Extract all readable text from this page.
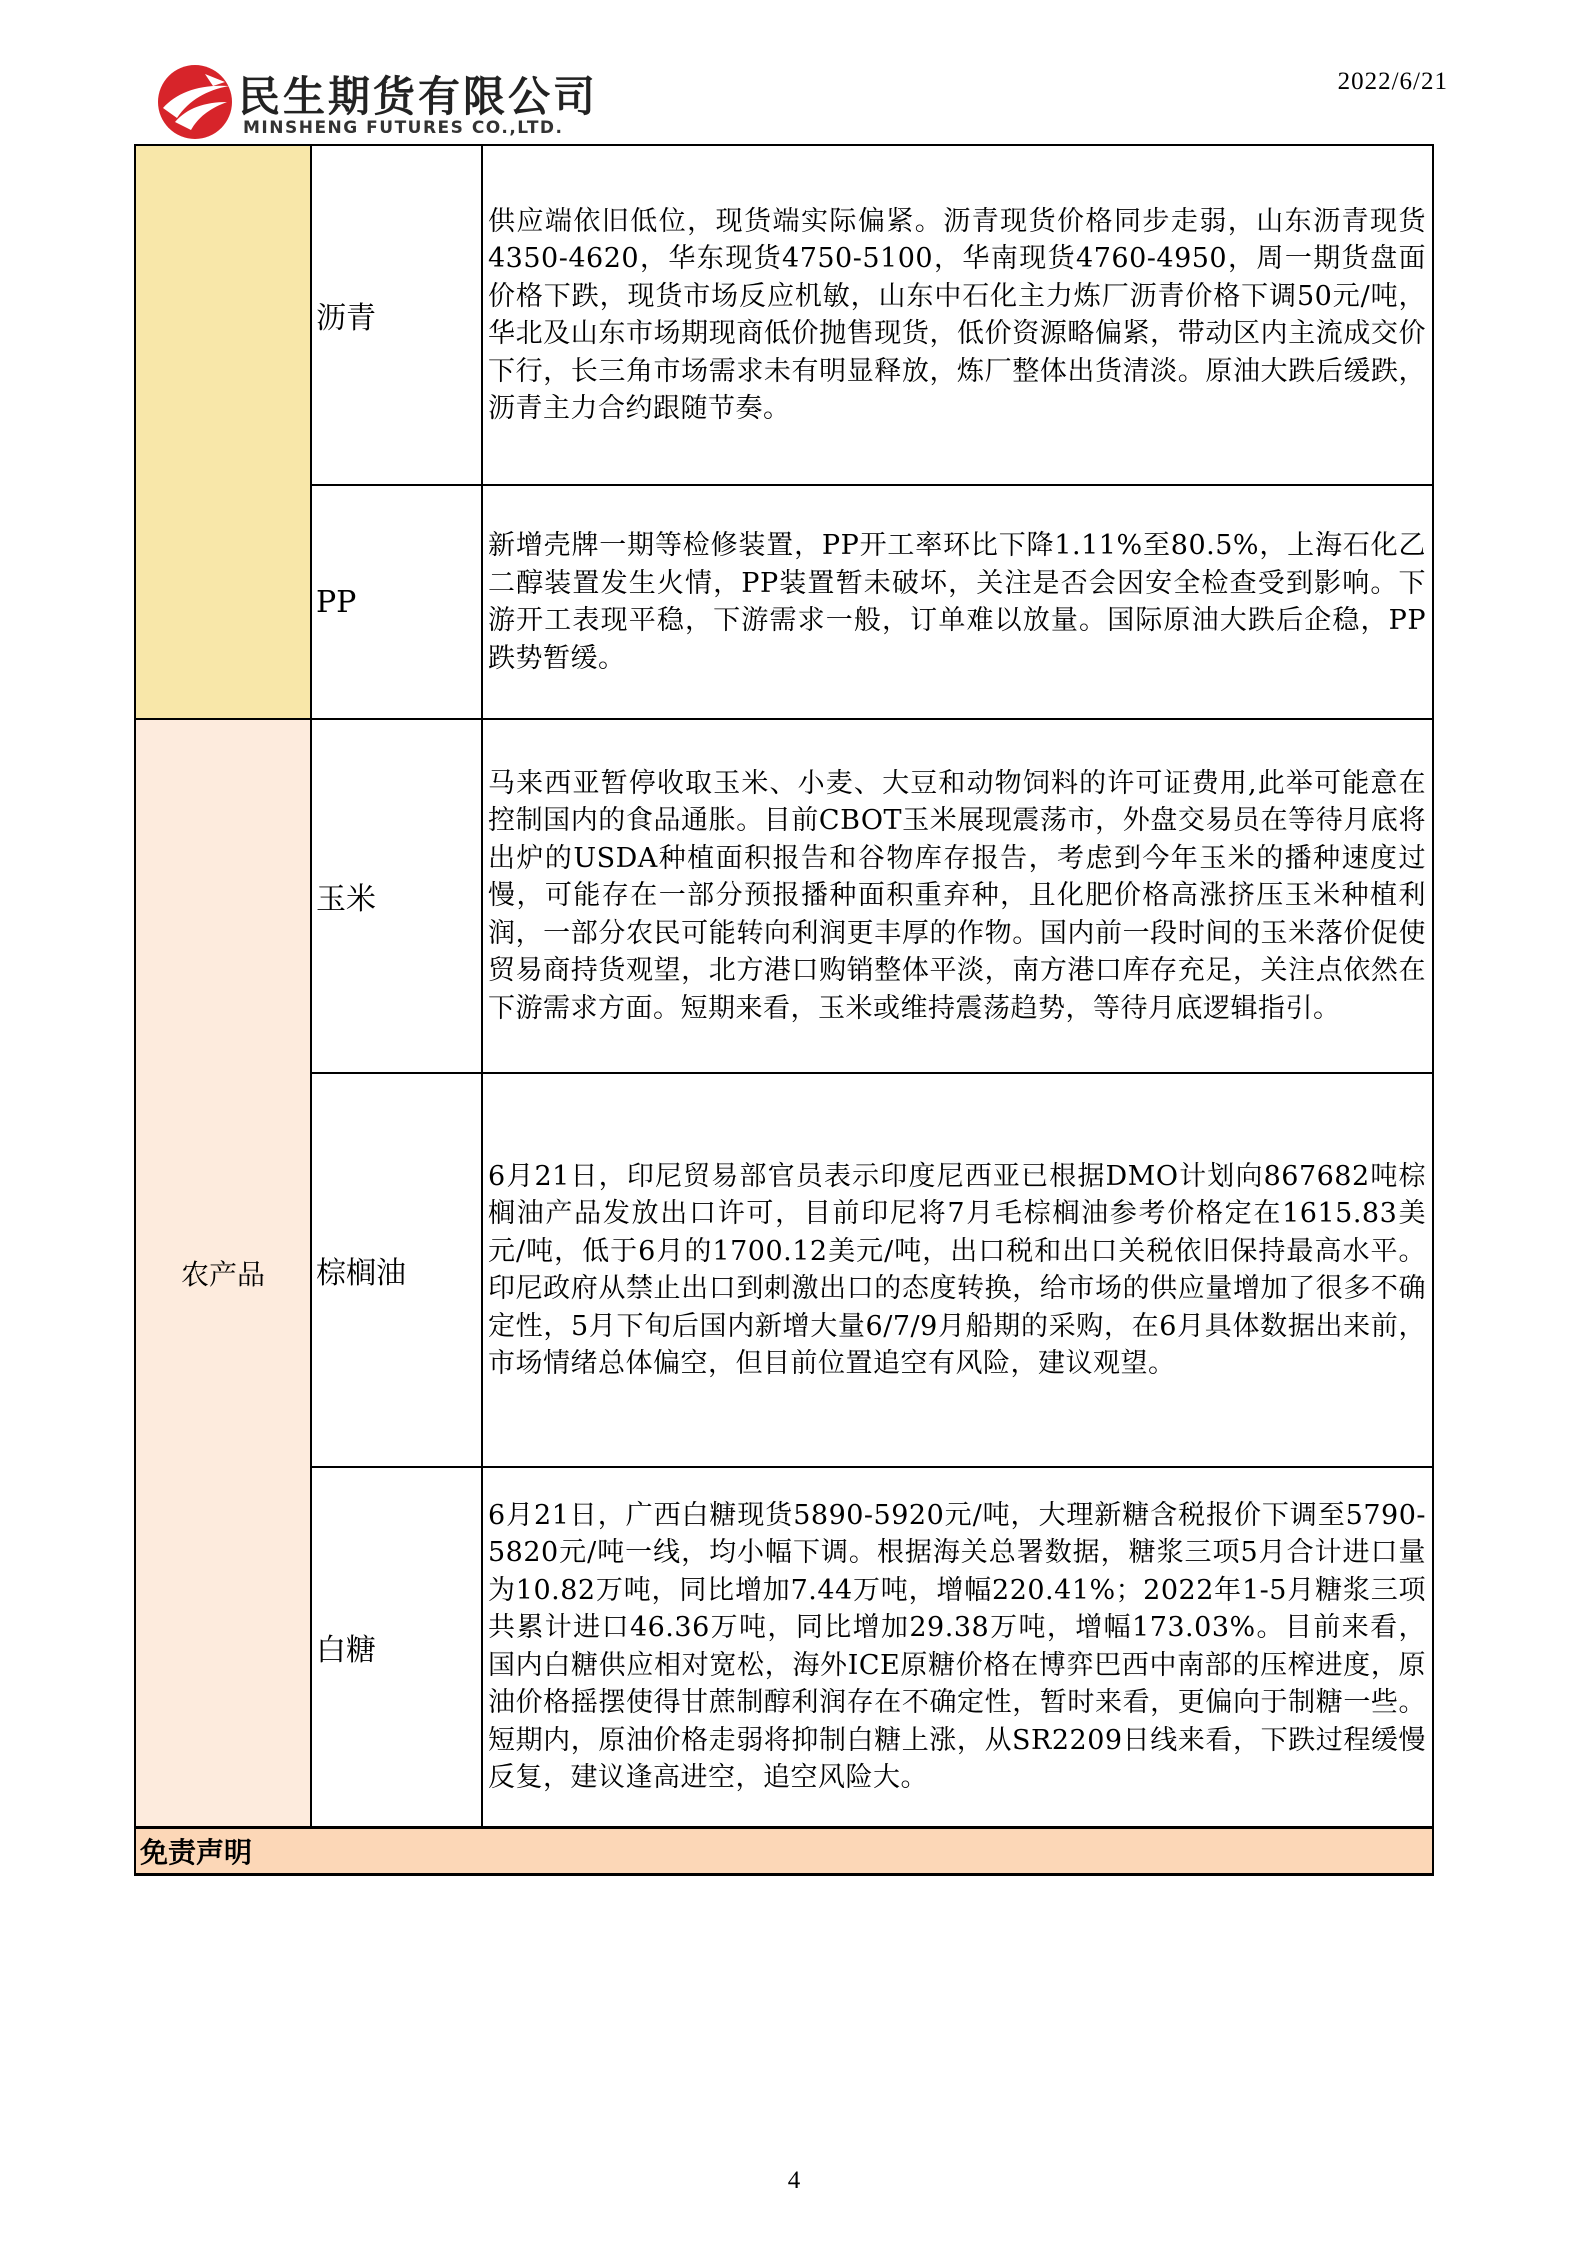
民生期货有限公司
MINSHENG FUTURES CO.,LTD.
2022/6/21
	沥青	供应端依旧低位，现货端实际偏紧。沥青现货价格同步走弱，山东沥青现货4350-4620，华东现货4750-5100，华南现货4760-4950，周一期货盘面价格下跌，现货市场反应机敏，山东中石化主力炼厂沥青价格下调50元/吨，华北及山东市场期现商低价抛售现货，低价资源略偏紧，带动区内主流成交价下行，长三角市场需求未有明显释放，炼厂整体出货清淡。原油大跌后缓跌，沥青主力合约跟随节奏。
	PP	新增壳牌一期等检修装置，PP开工率环比下降1.11%至80.5%，上海石化乙二醇装置发生火情，PP装置暂未破坏，关注是否会因安全检查受到影响。下游开工表现平稳，下游需求一般，订单难以放量。国际原油大跌后企稳，PP跌势暂缓。
农产品	玉米	马来西亚暂停收取玉米、小麦、大豆和动物饲料的许可证费用,此举可能意在控制国内的食品通胀。目前CBOT玉米展现震荡市，外盘交易员在等待月底将出炉的USDA种植面积报告和谷物库存报告，考虑到今年玉米的播种速度过慢，可能存在一部分预报播种面积重弃种，且化肥价格高涨挤压玉米种植利润，一部分农民可能转向利润更丰厚的作物。国内前一段时间的玉米落价促使贸易商持货观望，北方港口购销整体平淡，南方港口库存充足，关注点依然在下游需求方面。短期来看，玉米或维持震荡趋势，等待月底逻辑指引。
	棕榈油	6月21日，印尼贸易部官员表示印度尼西亚已根据DMO计划向867682吨棕榈油产品发放出口许可，目前印尼将7月毛棕榈油参考价格定在1615.83美元/吨，低于6月的1700.12美元/吨，出口税和出口关税依旧保持最高水平。印尼政府从禁止出口到刺激出口的态度转换，给市场的供应量增加了很多不确定性，5月下旬后国内新增大量6/7/9月船期的采购，在6月具体数据出来前，市场情绪总体偏空，但目前位置追空有风险，建议观望。
	白糖	6月21日，广西白糖现货5890-5920元/吨，大理新糖含税报价下调至5790-5820元/吨一线，均小幅下调。根据海关总署数据，糖浆三项5月合计进口量为10.82万吨，同比增加7.44万吨，增幅220.41%；2022年1-5月糖浆三项共累计进口46.36万吨，同比增加29.38万吨，增幅173.03%。目前来看，国内白糖供应相对宽松，海外ICE原糖价格在博弈巴西中南部的压榨进度，原油价格摇摆使得甘蔗制醇利润存在不确定性，暂时来看，更偏向于制糖一些。短期内，原油价格走弱将抑制白糖上涨，从SR2209日线来看，下跌过程缓慢反复，建议逢高进空，追空风险大。
免责声明		
4
